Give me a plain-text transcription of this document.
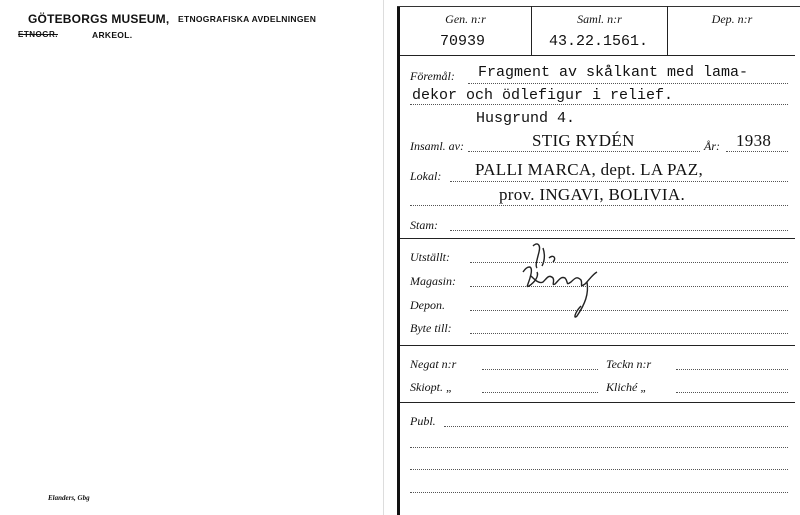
GÖTEBORGS MUSEUM, ETNOGRAFISKA AVDELNINGEN
ETNOGR.	ARKEOL.
Elanders, Gbg
Gen. n:r	Saml. n:r	Dep. n:r
70939	43.22.1561.
Föremål: Fragment av skålkant med lama-
dekor och ödlefigur i relief.
Husgrund 4.
Insaml. av:	STIG RYDÉN	År: 1938
Lokal: PALLI MARCA, dept. LA PAZ,
prov. INGAVI, BOLIVIA.
Stam:
Utställt:
Magasin:
Depon.
Byte till:
Negat n:r	Teckn n:r
Skiopt. „	Kliché „
Publ.
